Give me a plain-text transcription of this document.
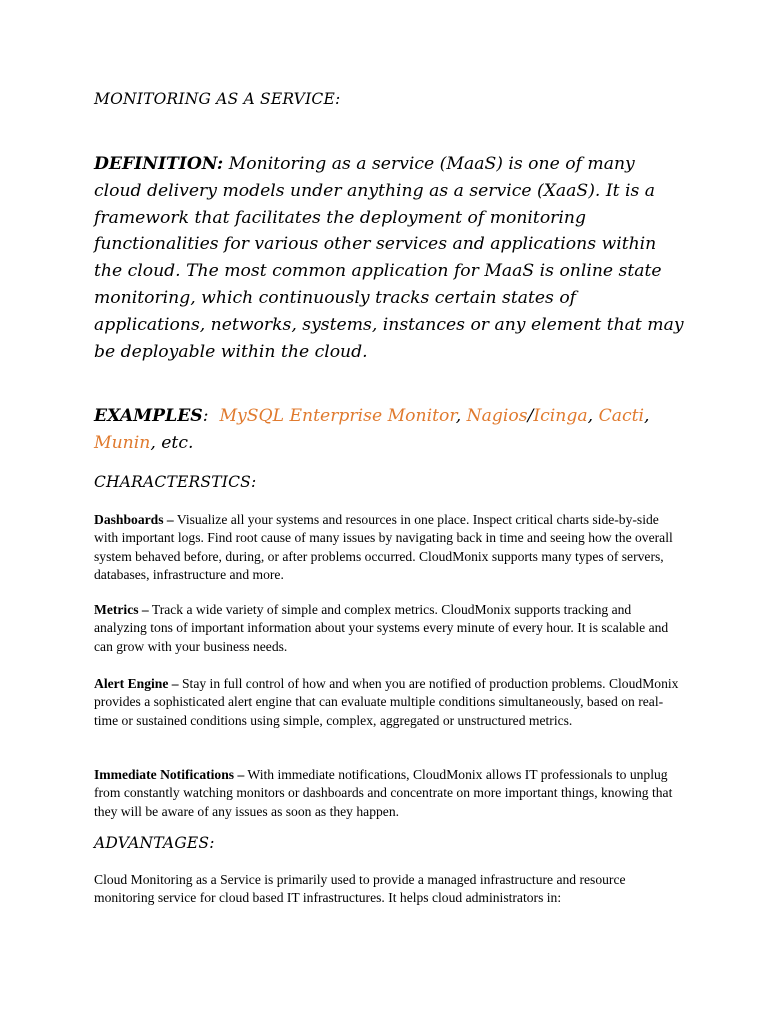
MONITORING AS A SERVICE:

DEFINITION: Monitoring as a service (MaaS) is one of many cloud delivery models under anything as a service (XaaS). It is a framework that facilitates the deployment of monitoring functionalities for various other services and applications within the cloud. The most common application for MaaS is online state monitoring, which continuously tracks certain states of applications, networks, systems, instances or any element that may be deployable within the cloud.

EXAMPLES: MySQL Enterprise Monitor, Nagios/Icinga, Cacti, Munin, etc.

CHARACTERSTICS:

Dashboards – Visualize all your systems and resources in one place. Inspect critical charts side-by-side with important logs. Find root cause of many issues by navigating back in time and seeing how the overall system behaved before, during, or after problems occurred. CloudMonix supports many types of servers, databases, infrastructure and more.

Metrics – Track a wide variety of simple and complex metrics. CloudMonix supports tracking and analyzing tons of important information about your systems every minute of every hour. It is scalable and can grow with your business needs.

Alert Engine – Stay in full control of how and when you are notified of production problems. CloudMonix provides a sophisticated alert engine that can evaluate multiple conditions simultaneously, based on real-time or sustained conditions using simple, complex, aggregated or unstructured metrics.

Immediate Notifications – With immediate notifications, CloudMonix allows IT professionals to unplug from constantly watching monitors or dashboards and concentrate on more important things, knowing that they will be aware of any issues as soon as they happen.

ADVANTAGES:

Cloud Monitoring as a Service is primarily used to provide a managed infrastructure and resource monitoring service for cloud based IT infrastructures. It helps cloud administrators in:
